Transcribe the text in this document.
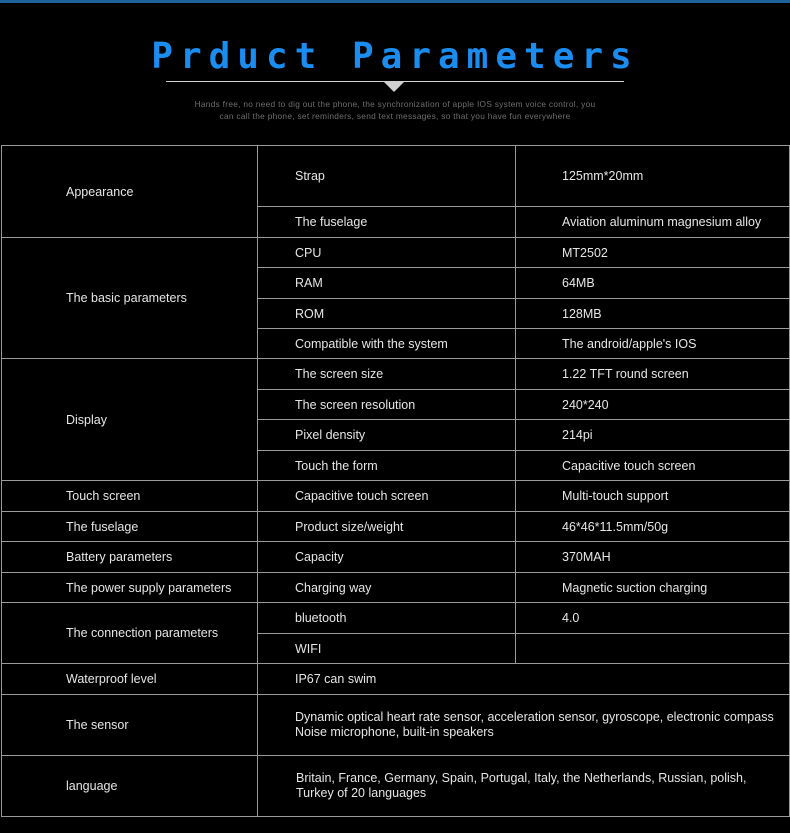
Prduct Parameters
Hands free, no need to dig out the phone, the synchronization of apple IOS system voice control, you
can call the phone, set reminders, send text messages, so that you have fun everywhere
Appearance	Strap	125mm*20mm
	The fuselage	Aviation aluminum magnesium alloy
The basic parameters	CPU	MT2502
	RAM	64MB
	ROM	128MB
	Compatible with the system	The android/apple's IOS
Display	The screen size	1.22 TFT round screen
	The screen resolution	240*240
	Pixel density	214pi
	Touch the form	Capacitive touch screen
Touch screen	Capacitive touch screen	Multi-touch support
The fuselage	Product size/weight	46*46*11.5mm/50g
Battery parameters	Capacity	370MAH
The power supply parameters	Charging way	Magnetic suction charging
The connection parameters	bluetooth	4.0
	WIFI	
Waterproof level	IP67 can swim	
The sensor	Dynamic optical heart rate sensor, acceleration sensor, gyroscope, electronic compass
Noise microphone, built-in speakers	

language	Britain, France, Germany, Spain, Portugal, Italy, the Netherlands, Russian, polish,
Turkey of 20 languages	
